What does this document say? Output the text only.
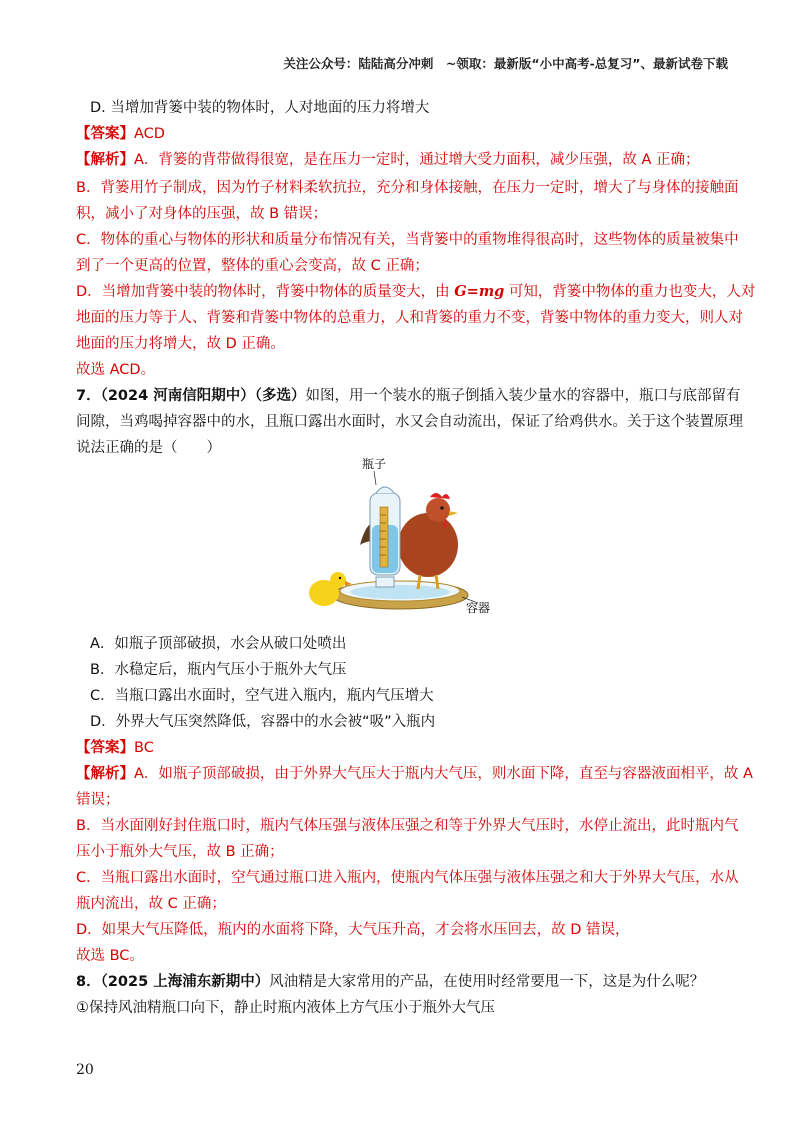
关注公众号：陆陆高分冲刺　~领取：最新版“小中高考-总复习”、最新试卷下载
D. 当增加背篓中装的物体时，人对地面的压力将增大
【答案】ACD
【解析】A．背篓的背带做得很宽，是在压力一定时，通过增大受力面积，减少压强，故 A 正确；
B．背篓用竹子制成，因为竹子材料柔软抗拉，充分和身体接触，在压力一定时，增大了与身体的接触面
积，减小了对身体的压强，故 B 错误；
C．物体的重心与物体的形状和质量分布情况有关，当背篓中的重物堆得很高时，这些物体的质量被集中
到了一个更高的位置，整体的重心会变高，故 C 正确；
D．当增加背篓中装的物体时，背篓中物体的质量变大，由 G=mg 可知，背篓中物体的重力也变大，人对
地面的压力等于人、背篓和背篓中物体的总重力，人和背篓的重力不变，背篓中物体的重力变大，则人对
地面的压力将增大，故 D 正确。
故选 ACD。
7．（2024 河南信阳期中）（多选）如图，用一个装水的瓶子倒插入装少量水的容器中，瓶口与底部留有
间隙，当鸡喝掉容器中的水，且瓶口露出水面时，水又会自动流出，保证了给鸡供水。关于这个装置原理
说法正确的是（　　）
瓶子
容器
A．如瓶子顶部破损，水会从破口处喷出
B．水稳定后，瓶内气压小于瓶外大气压
C．当瓶口露出水面时，空气进入瓶内，瓶内气压增大
D．外界大气压突然降低，容器中的水会被“吸”入瓶内
【答案】BC
【解析】A．如瓶子顶部破损，由于外界大气压大于瓶内大气压，则水面下降，直至与容器液面相平，故 A
错误；
B．当水面刚好封住瓶口时，瓶内气体压强与液体压强之和等于外界大气压时，水停止流出，此时瓶内气
压小于瓶外大气压，故 B 正确；
C．当瓶口露出水面时，空气通过瓶口进入瓶内，使瓶内气体压强与液体压强之和大于外界大气压，水从
瓶内流出，故 C 正确；
D．如果大气压降低，瓶内的水面将下降，大气压升高，才会将水压回去，故 D 错误，
故选 BC。
8．（2025 上海浦东新期中）风油精是大家常用的产品，在使用时经常要甩一下，这是为什么呢？
①保持风油精瓶口向下，静止时瓶内液体上方气压小于瓶外大气压
20
